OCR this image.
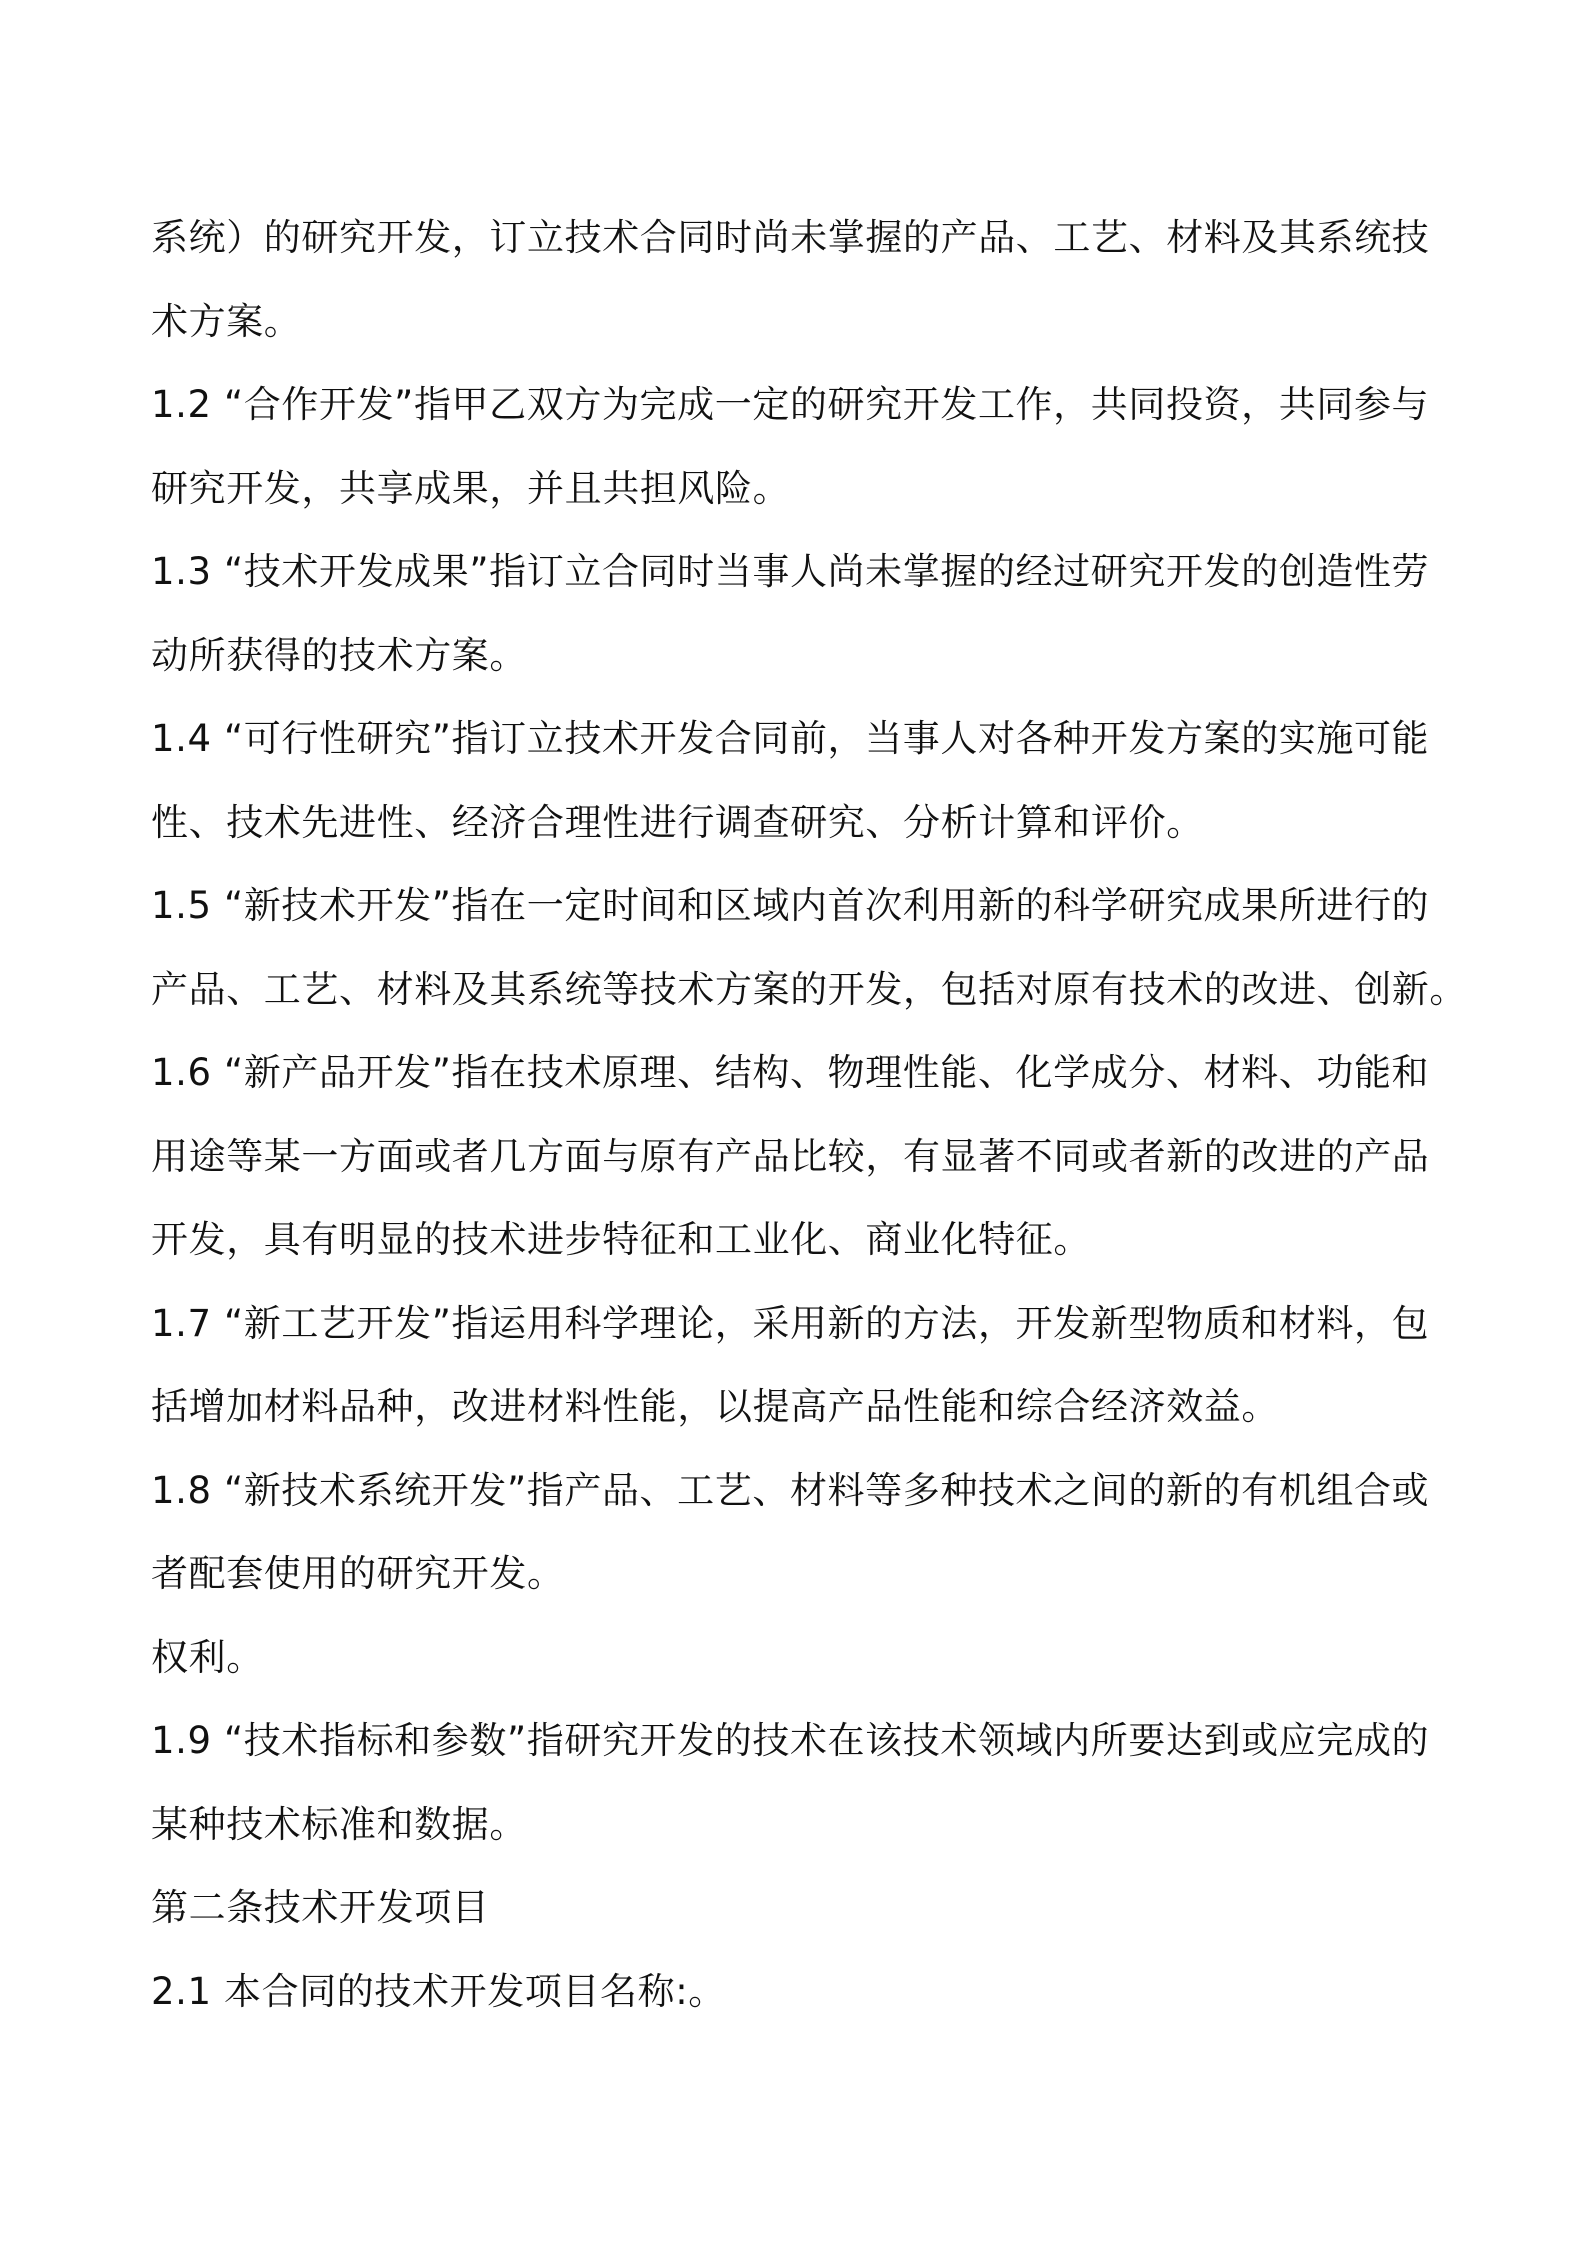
系统）的研究开发，订立技术合同时尚未掌握的产品、工艺、材料及其系统技
术方案。
1.2 “合作开发”指甲乙双方为完成一定的研究开发工作，共同投资，共同参与
研究开发，共享成果，并且共担风险。
1.3 “技术开发成果”指订立合同时当事人尚未掌握的经过研究开发的创造性劳
动所获得的技术方案。
1.4 “可行性研究”指订立技术开发合同前，当事人对各种开发方案的实施可能
性、技术先进性、经济合理性进行调查研究、分析计算和评价。
1.5 “新技术开发”指在一定时间和区域内首次利用新的科学研究成果所进行的
产品、工艺、材料及其系统等技术方案的开发，包括对原有技术的改进、创新。
1.6 “新产品开发”指在技术原理、结构、物理性能、化学成分、材料、功能和
用途等某一方面或者几方面与原有产品比较，有显著不同或者新的改进的产品
开发，具有明显的技术进步特征和工业化、商业化特征。
1.7 “新工艺开发”指运用科学理论，采用新的方法，开发新型物质和材料，包
括增加材料品种，改进材料性能，以提高产品性能和综合经济效益。
1.8 “新技术系统开发”指产品、工艺、材料等多种技术之间的新的有机组合或
者配套使用的研究开发。
权利。
1.9 “技术指标和参数”指研究开发的技术在该技术领域内所要达到或应完成的
某种技术标准和数据。
第二条技术开发项目
2.1 本合同的技术开发项目名称:。
